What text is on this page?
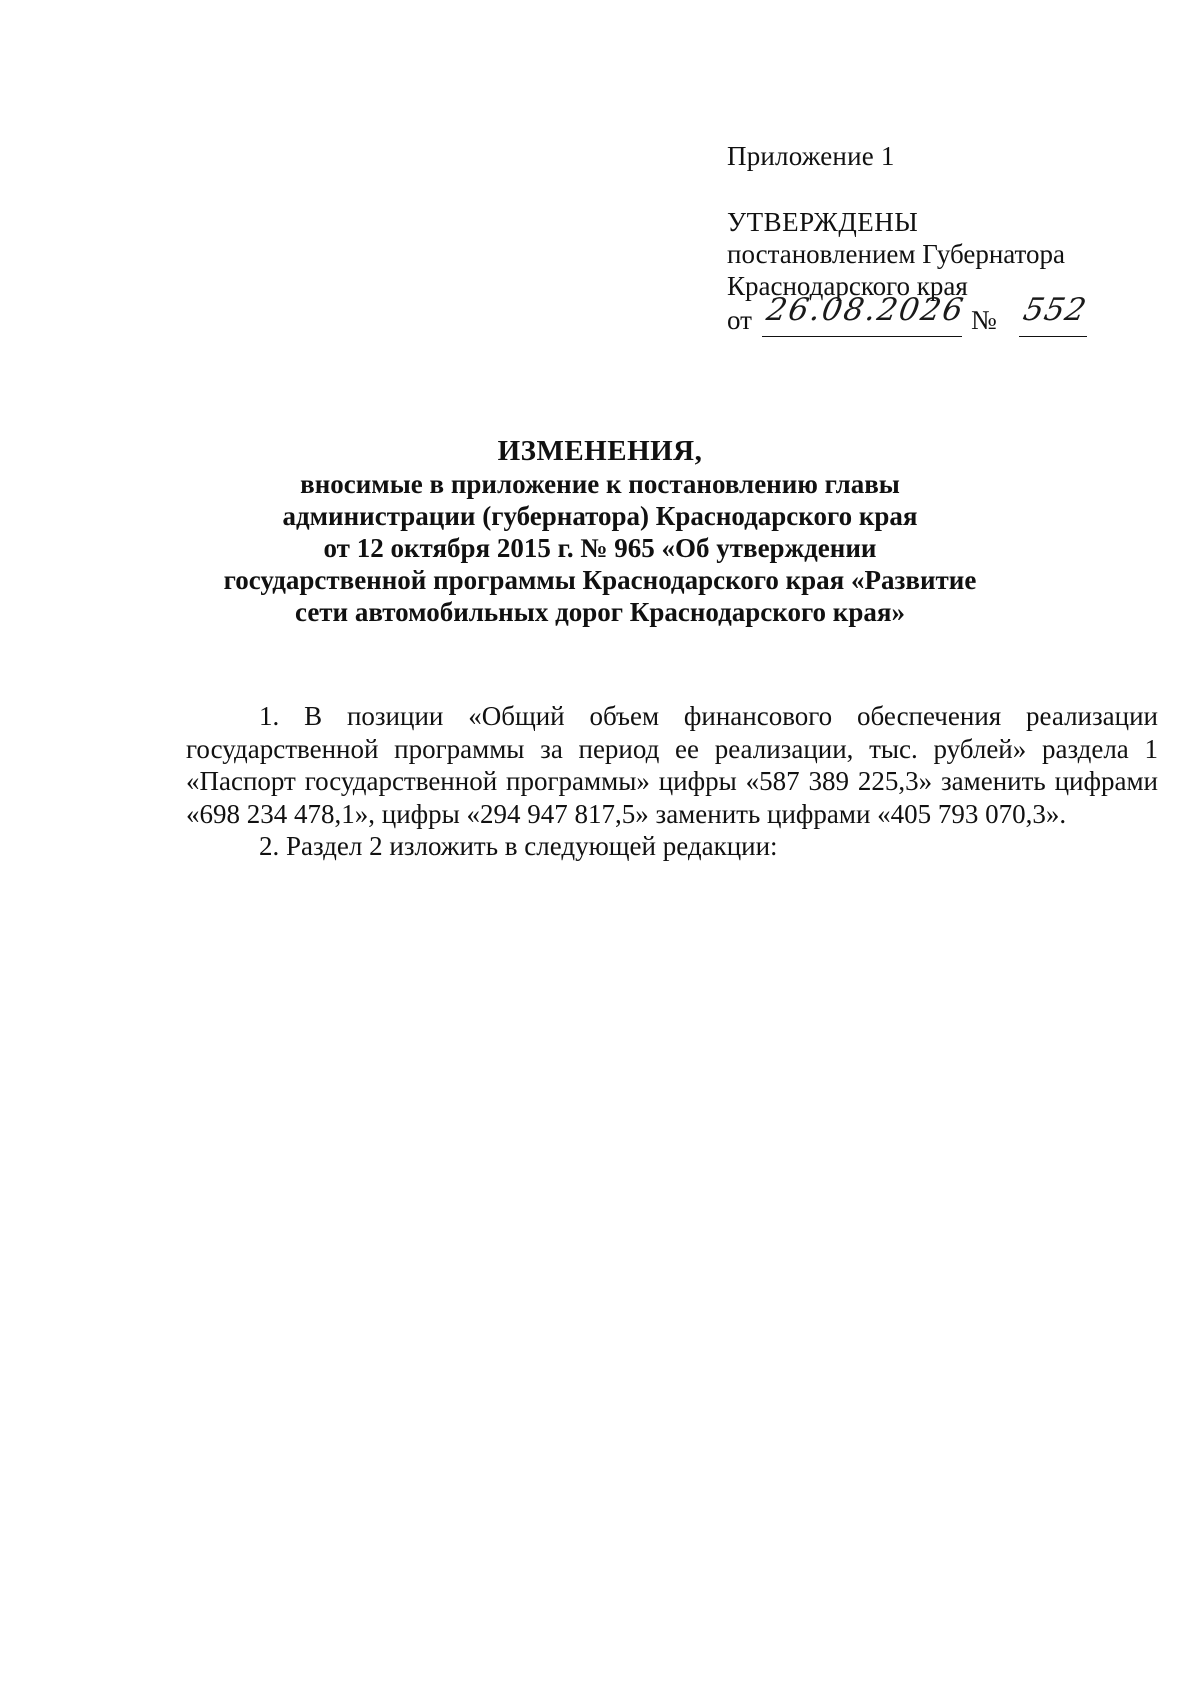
Приложение 1
УТВЕРЖДЕНЫ
постановлением Губернатора
Краснодарского края
от 26.08.2026 № 552
ИЗМЕНЕНИЯ,
вносимые в приложение к постановлению главы
администрации (губернатора) Краснодарского края
от 12 октября 2015 г. № 965 «Об утверждении
государственной программы Краснодарского края «Развитие
сети автомобильных дорог Краснодарского края»
1. В позиции «Общий объем финансового обеспечения реализации государственной программы за период ее реализации, тыс. рублей» раздела 1 «Паспорт государственной программы» цифры «587 389 225,3» заменить цифрами «698 234 478,1», цифры «294 947 817,5» заменить цифрами «405 793 070,3».
2. Раздел 2 изложить в следующей редакции:
